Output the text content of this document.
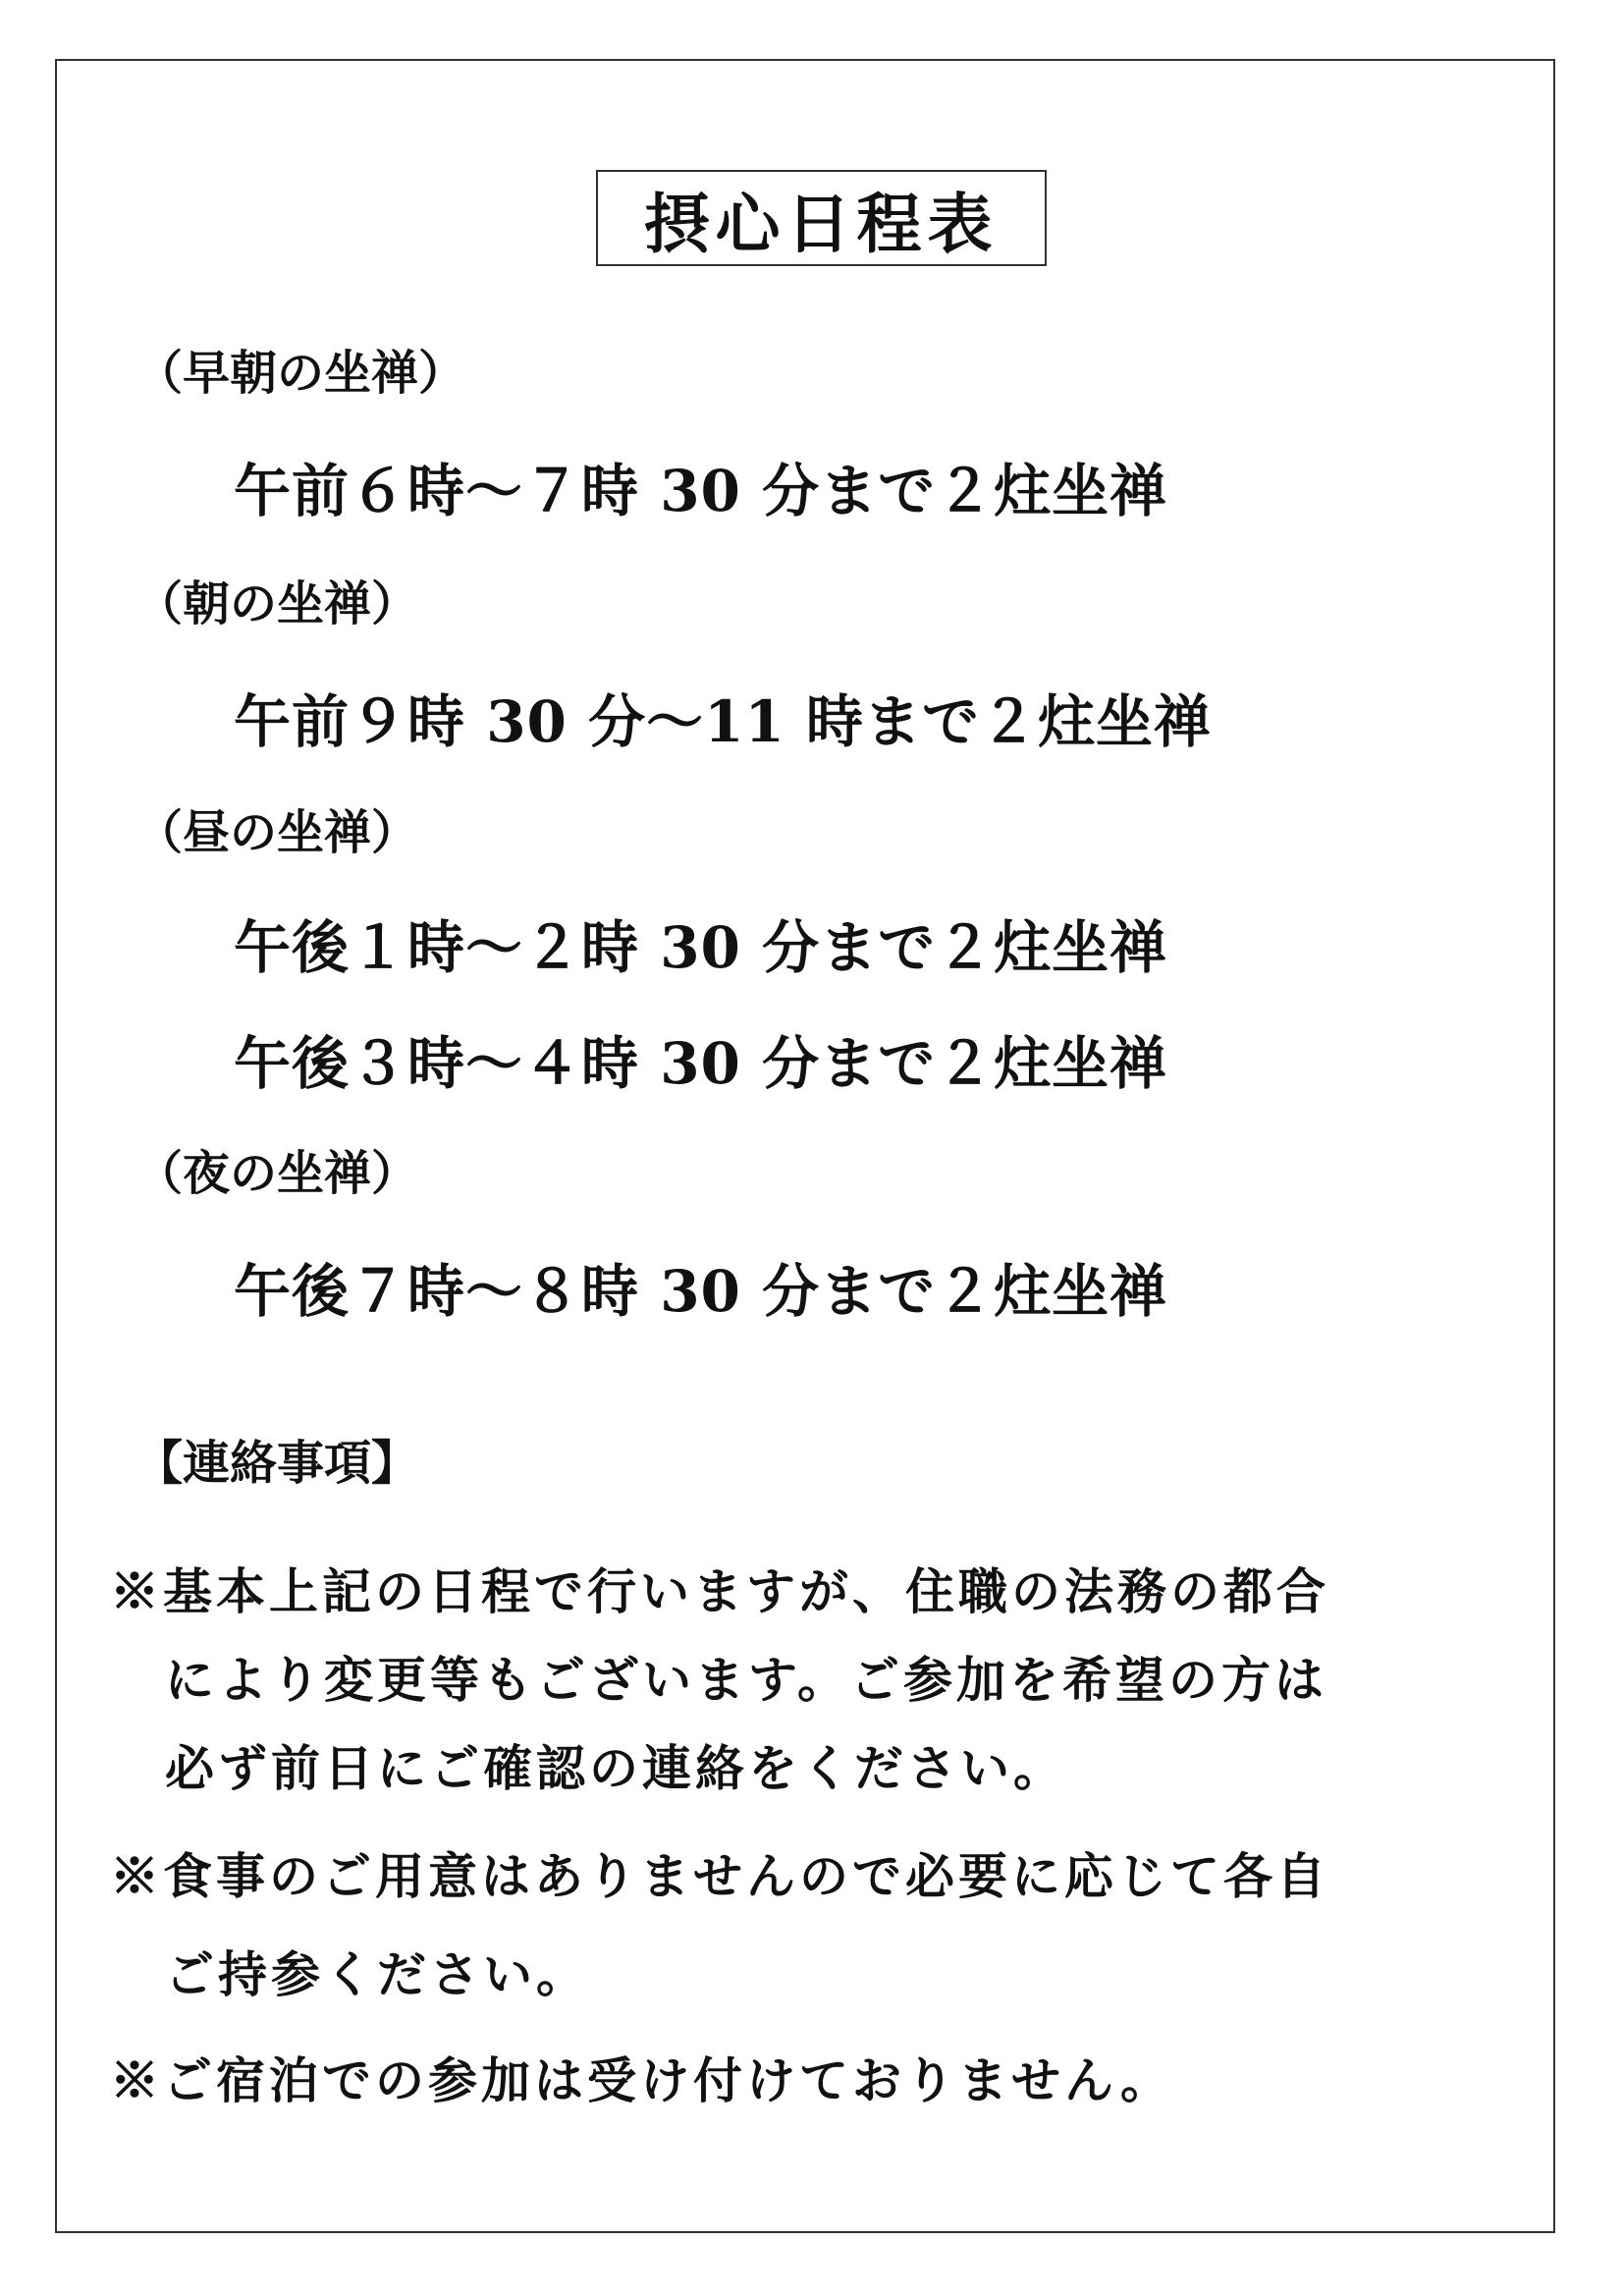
摂心日程表
（早朝の坐禅）
午前６時〜７時 30 分まで２炷坐禅
（朝の坐禅）
午前９時 30 分〜11 時まで２炷坐禅
（昼の坐禅）
午後１時〜２時 30 分まで２炷坐禅
午後３時〜４時 30 分まで２炷坐禅
（夜の坐禅）
午後７時〜８時 30 分まで２炷坐禅
【連絡事項】
※基本上記の日程で行いますが、住職の法務の都合
により変更等もございます。ご参加を希望の方は
必ず前日にご確認の連絡をください。
※食事のご用意はありませんので必要に応じて各自
ご持参ください。
※ご宿泊での参加は受け付けておりません。
